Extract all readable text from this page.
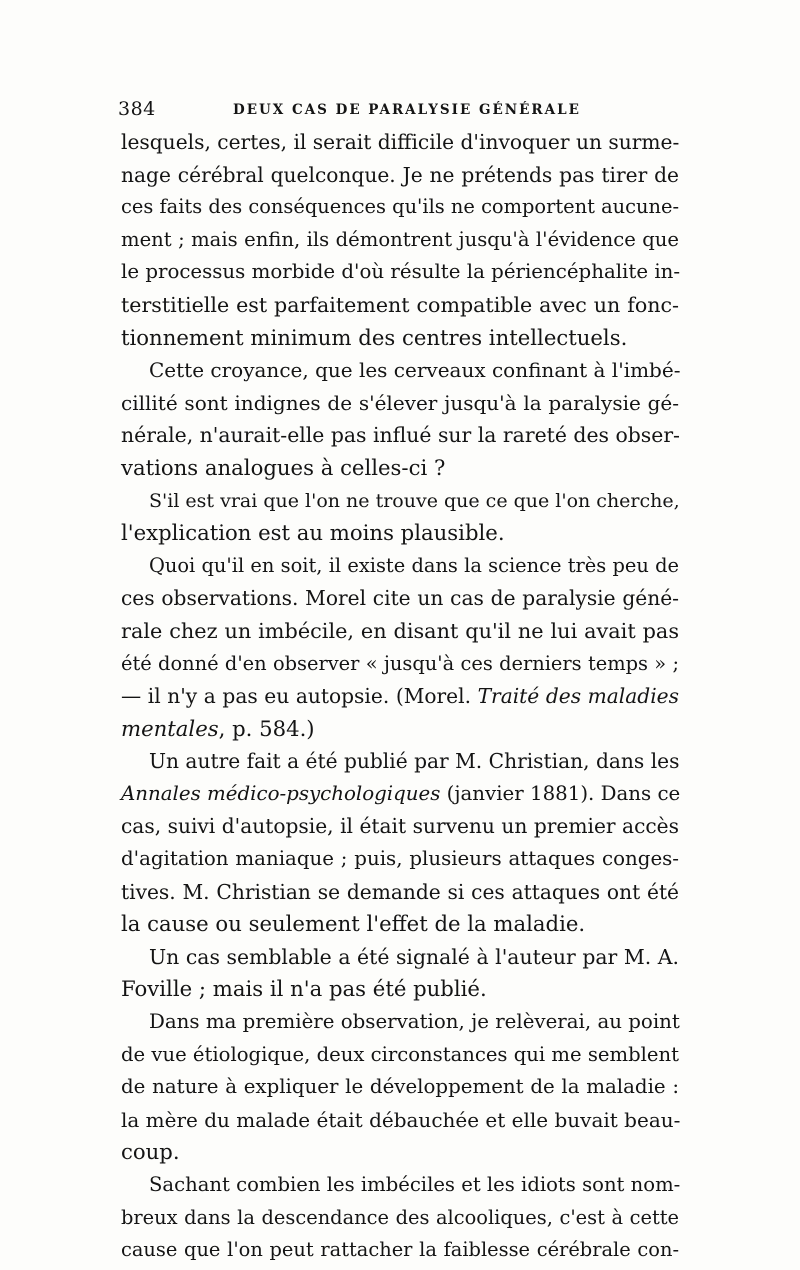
384	DEUX CAS DE PARALYSIE GÉNÉRALE
lesquels, certes, il serait difficile d'invoquer un surme-
nage cérébral quelconque. Je ne prétends pas tirer de
ces faits des conséquences qu'ils ne comportent aucune-
ment ; mais enfin, ils démontrent jusqu'à l'évidence que
le processus morbide d'où résulte la périencéphalite in-
terstitielle est parfaitement compatible avec un fonc-
tionnement minimum des centres intellectuels.
Cette croyance, que les cerveaux confinant à l'imbé-
cillité sont indignes de s'élever jusqu'à la paralysie gé-
nérale, n'aurait-elle pas influé sur la rareté des obser-
vations analogues à celles-ci ?
S'il est vrai que l'on ne trouve que ce que l'on cherche,
l'explication est au moins plausible.
Quoi qu'il en soit, il existe dans la science très peu de
ces observations. Morel cite un cas de paralysie géné-
rale chez un imbécile, en disant qu'il ne lui avait pas
été donné d'en observer « jusqu'à ces derniers temps » ;
— il n'y a pas eu autopsie. (Morel. Traité des maladies
mentales, p. 584.)
Un autre fait a été publié par M. Christian, dans les
Annales médico-psychologiques (janvier 1881). Dans ce
cas, suivi d'autopsie, il était survenu un premier accès
d'agitation maniaque ; puis, plusieurs attaques conges-
tives. M. Christian se demande si ces attaques ont été
la cause ou seulement l'effet de la maladie.
Un cas semblable a été signalé à l'auteur par M. A.
Foville ; mais il n'a pas été publié.
Dans ma première observation, je relèverai, au point
de vue étiologique, deux circonstances qui me semblent
de nature à expliquer le développement de la maladie :
la mère du malade était débauchée et elle buvait beau-
coup.
Sachant combien les imbéciles et les idiots sont nom-
breux dans la descendance des alcooliques, c'est à cette
cause que l'on peut rattacher la faiblesse cérébrale con-
